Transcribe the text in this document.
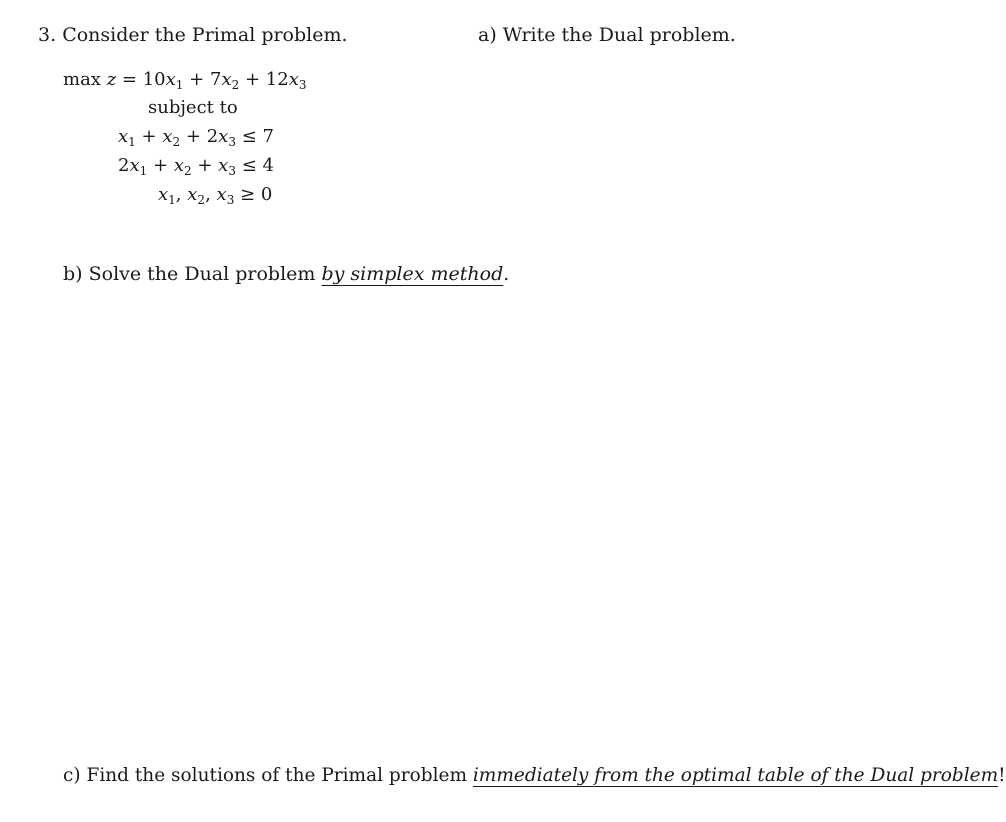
3. Consider the Primal problem.	a) Write the Dual problem.
$\max z = 10x_1 + 7x_2 + 12x_3$
subject to
$x_1 + x_2 + 2x_3 \le 7$
$2x_1 + x_2 + x_3 \le 4$
$x_1$, $x_2$, $x_3 \ge 0$
b) Solve the Dual problem by simplex method.
c) Find the solutions of the Primal problem immediately from the optimal table of the Dual problem!
